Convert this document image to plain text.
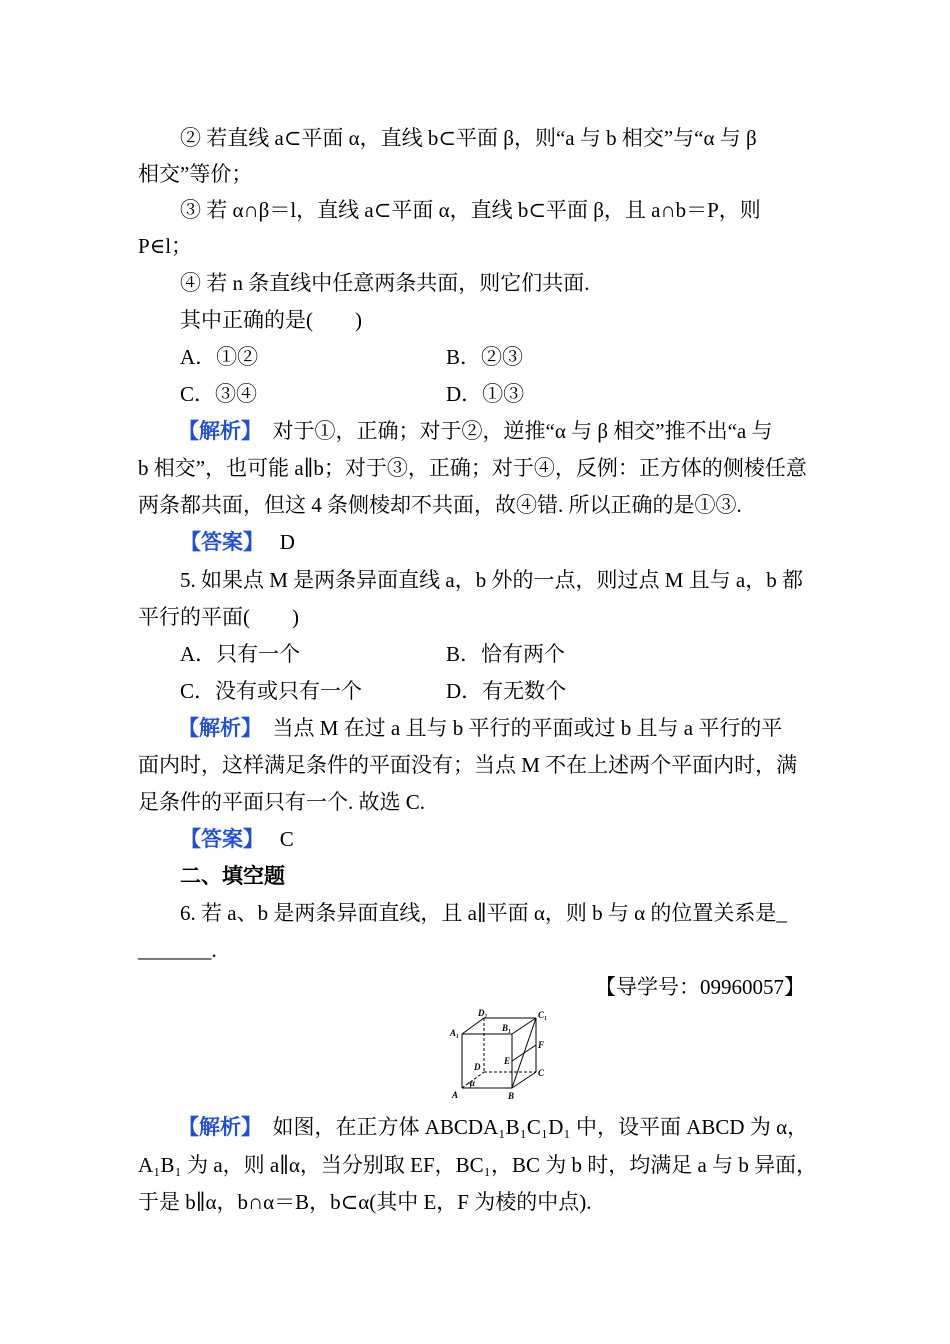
② 若直线 a⊂平面 α，直线 b⊂平面 β，则“a 与 b 相交”与“α 与 β
相交”等价；
③ 若 α∩β＝l，直线 a⊂平面 α，直线 b⊂平面 β，且 a∩b＝P，则
P∈l；
④ 若 n 条直线中任意两条共面，则它们共面.
其中正确的是(　　)
A．①②	B．②③
C．③④	D．①③
【解析】 对于①，正确；对于②，逆推“α 与 β 相交”推不出“a 与
b 相交”，也可能 a∥b；对于③，正确；对于④，反例：正方体的侧棱任意
两条都共面，但这 4 条侧棱却不共面，故④错. 所以正确的是①③.
【答案】 D
5. 如果点 M 是两条异面直线 a，b 外的一点，则过点 M 且与 a，b 都
平行的平面(　　)
A．只有一个	B．恰有两个
C．没有或只有一个	D．有无数个
【解析】 当点 M 在过 a 且与 b 平行的平面或过 b 且与 a 平行的平
面内时，这样满足条件的平面没有；当点 M 不在上述两个平面内时，满
足条件的平面只有一个. 故选 C.
【答案】 C
二、填空题
6. 若 a、b 是两条异面直线，且 a∥平面 α，则 b 与 α 的位置关系是_
_______.
【导学号：09960057】
A₁
D₁
B₁
C₁
F
E
D
C
α
A	B
【解析】 如图，在正方体 ABCDA₁B₁C₁D₁ 中，设平面 ABCD 为 α，
A₁B₁ 为 a，则 a∥α，当分别取 EF，BC₁，BC 为 b 时，均满足 a 与 b 异面，
于是 b∥α，b∩α＝B，b⊂α(其中 E，F 为棱的中点).
